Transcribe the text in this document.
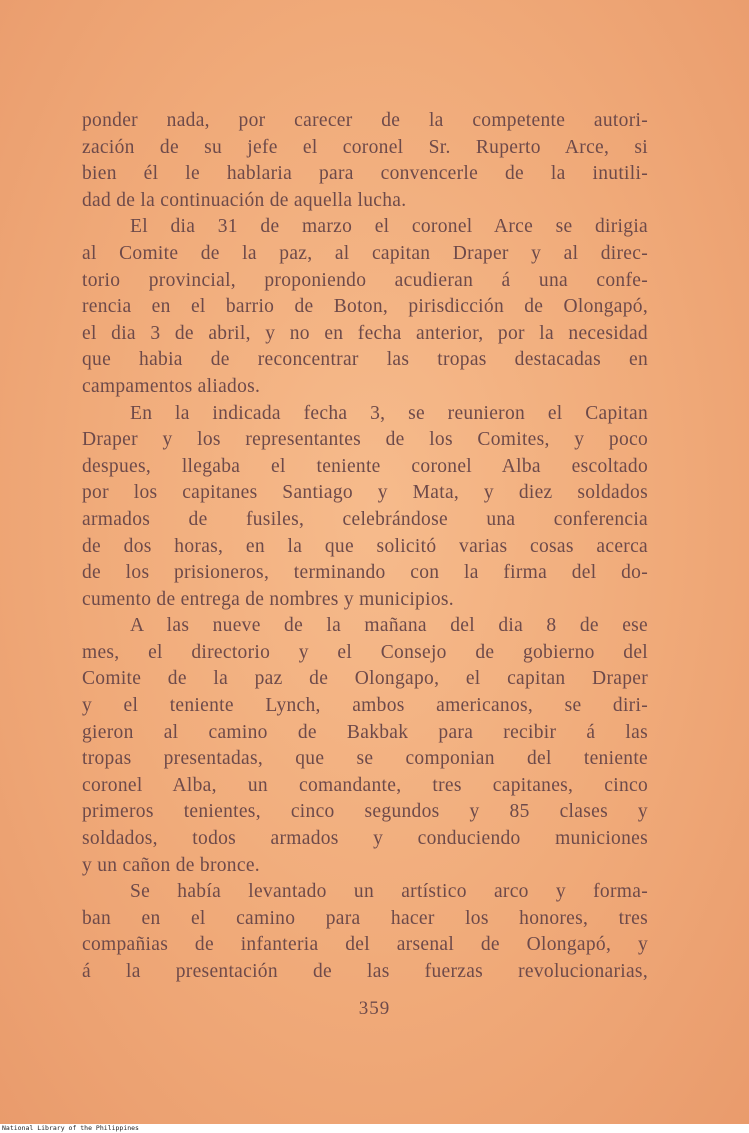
ponder nada, por carecer de la competente autori-
zación de su jefe el coronel Sr. Ruperto Arce, si
bien él le hablaria para convencerle de la inutili-
dad de la continuación de aquella lucha.
El dia 31 de marzo el coronel Arce se dirigia
al Comite de la paz, al capitan Draper y al direc-
torio provincial, proponiendo acudieran á una confe-
rencia en el barrio de Boton, pirisdicción de Olongapó,
el dia 3 de abril, y no en fecha anterior, por la necesidad
que habia de reconcentrar las tropas destacadas en
campamentos aliados.
En la indicada fecha 3, se reunieron el Capitan
Draper y los representantes de los Comites, y poco
despues, llegaba el teniente coronel Alba escoltado
por los capitanes Santiago y Mata, y diez soldados
armados de fusiles, celebrándose una conferencia
de dos horas, en la que solicitó varias cosas acerca
de los prisioneros, terminando con la firma del do-
cumento de entrega de nombres y municipios.
A las nueve de la mañana del dia 8 de ese
mes, el directorio y el Consejo de gobierno del
Comite de la paz de Olongapo, el capitan Draper
y el teniente Lynch, ambos americanos, se diri-
gieron al camino de Bakbak para recibir á las
tropas presentadas, que se componian del teniente
coronel Alba, un comandante, tres capitanes, cinco
primeros tenientes, cinco segundos y 85 clases y
soldados, todos armados y conduciendo municiones
y un cañon de bronce.
Se había levantado un artístico arco y forma-
ban en el camino para hacer los honores, tres
compañias de infanteria del arsenal de Olongapó, y
á la presentación de las fuerzas revolucionarias,
359
National Library of the Philippines
